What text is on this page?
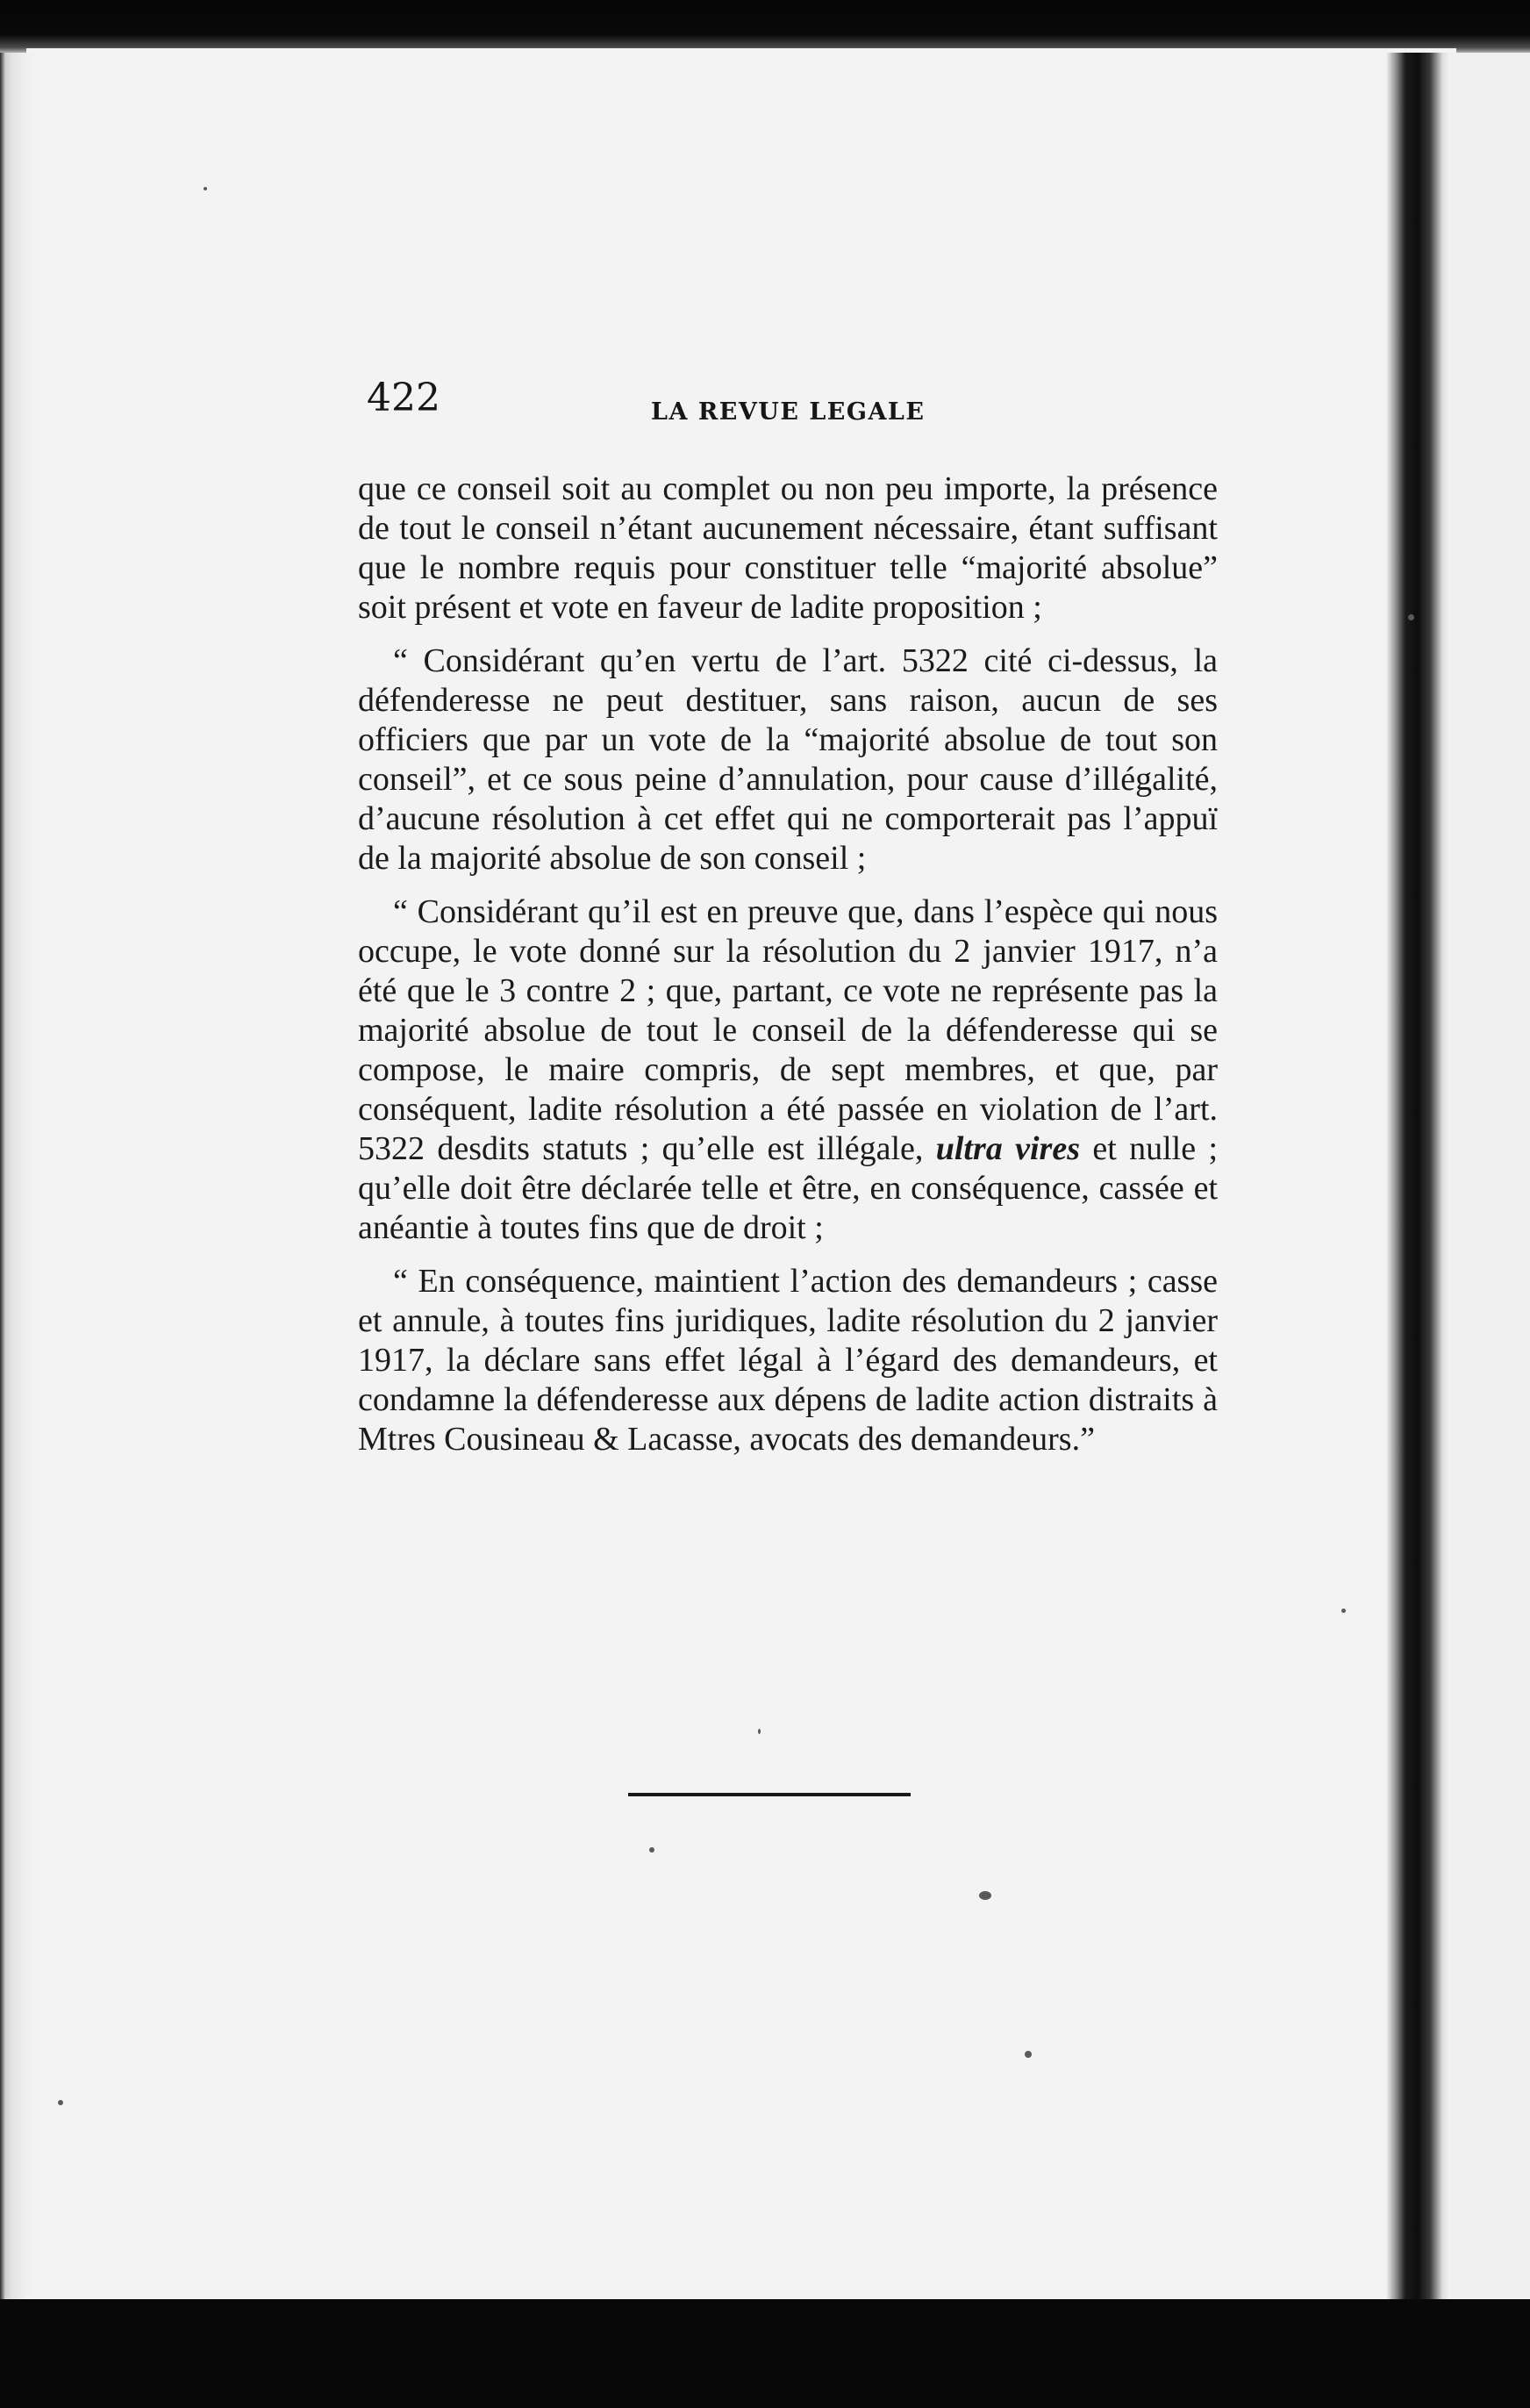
422	LA REVUE LEGALE

que ce conseil soit au complet ou non peu importe, la présence de tout le conseil n’étant aucunement nécessaire, étant suffisant que le nombre requis pour constituer telle “majorité absolue” soit présent et vote en faveur de ladite proposition ;

“ Considérant qu’en vertu de l’art. 5322 cité ci-dessus, la défenderesse ne peut destituer, sans raison, aucun de ses officiers que par un vote de la “majorité absolue de tout son conseil”, et ce sous peine d’annulation, pour cause d’illégalité, d’aucune résolution à cet effet qui ne comporterait pas l’appuï de la majorité absolue de son conseil ;

“ Considérant qu’il est en preuve que, dans l’espèce qui nous occupe, le vote donné sur la résolution du 2 janvier 1917, n’a été que le 3 contre 2 ; que, partant, ce vote ne représente pas la majorité absolue de tout le conseil de la défenderesse qui se compose, le maire compris, de sept membres, et que, par conséquent, ladite résolution a été passée en violation de l’art. 5322 desdits statuts ; qu’elle est illégale, ultra vires et nulle ; qu’elle doit être déclarée telle et être, en conséquence, cassée et anéantie à toutes fins que de droit ;

“ En conséquence, maintient l’action des demandeurs ; casse et annule, à toutes fins juridiques, ladite résolution du 2 janvier 1917, la déclare sans effet légal à l’égard des demandeurs, et condamne la défenderesse aux dépens de ladite action distraits à Mtres Cousineau & Lacasse, avocats des demandeurs.”
